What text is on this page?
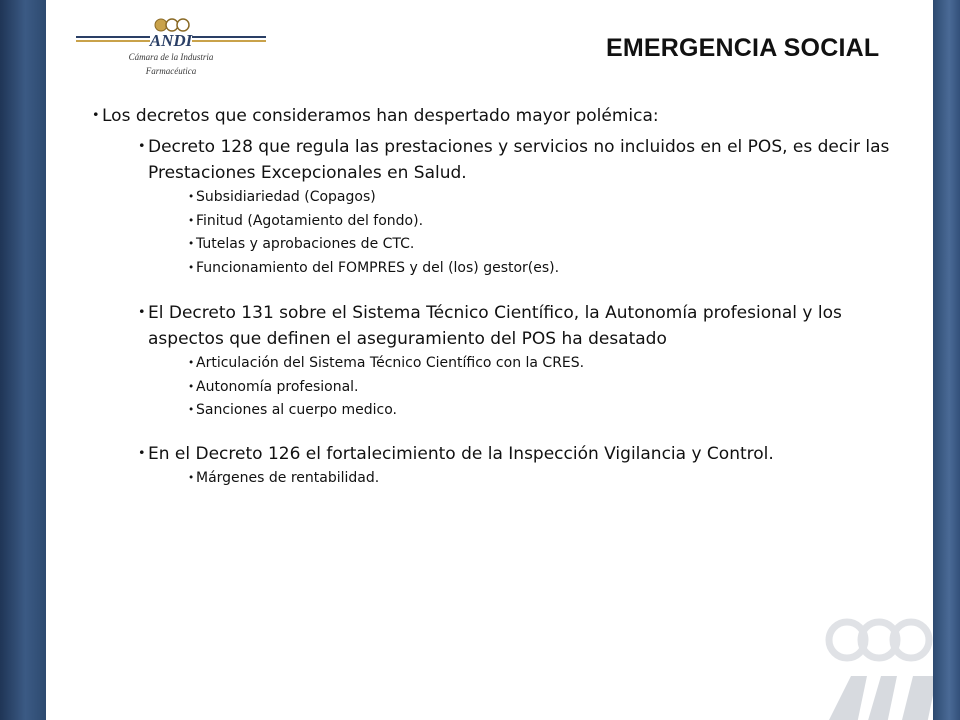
ANDI
Cámara de la Industria
Farmacéutica
EMERGENCIA SOCIAL
• Los decretos que consideramos han despertado mayor polémica:
• Decreto 128 que regula las prestaciones y servicios no incluidos en el POS, es decir las Prestaciones Excepcionales en Salud.
• Subsidiariedad (Copagos)
• Finitud (Agotamiento del fondo).
• Tutelas y aprobaciones de CTC.
• Funcionamiento del FOMPRES y del (los) gestor(es).
• El Decreto 131 sobre el Sistema Técnico Científico, la Autonomía profesional y los aspectos que definen el aseguramiento del POS ha desatado
• Articulación del Sistema Técnico Científico con la CRES.
• Autonomía profesional.
• Sanciones al cuerpo medico.
• En el Decreto 126 el fortalecimiento de la Inspección Vigilancia y Control.
• Márgenes de rentabilidad.
